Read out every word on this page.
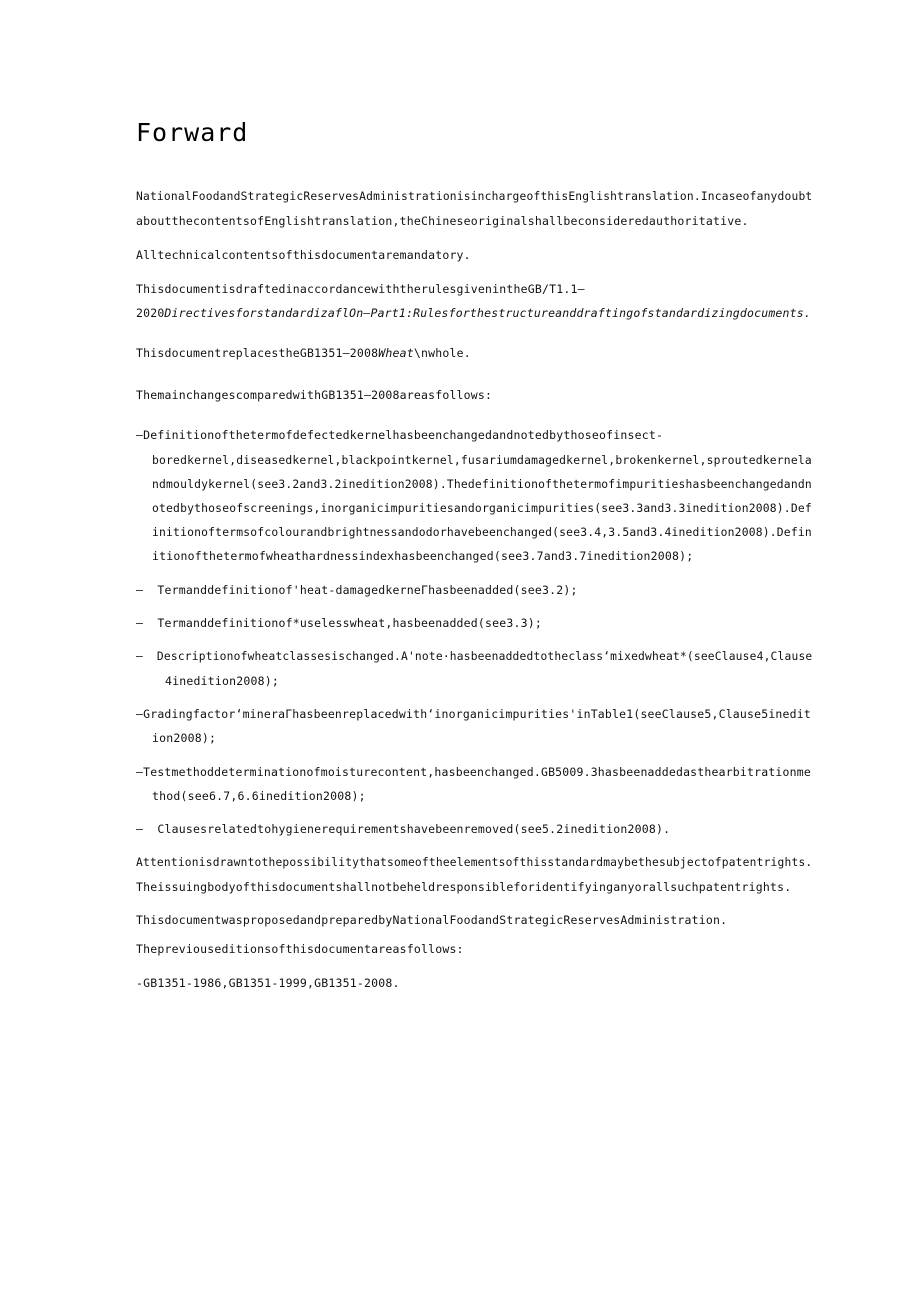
Forward
NationalFoodandStrategicReservesAdministrationisinchargeofthisEnglishtranslation.Incaseofanydoubt
aboutthecontentsofEnglishtranslation,theChineseoriginalshallbeconsideredauthoritative.
Alltechnicalcontentsofthisdocumentaremandatory.
ThisdocumentisdraftedinaccordancewiththerulesgivenintheGB/T1.1—
2020DirectivesforstandardizaflOn—Part1:Rulesforthestructureanddraftingofstandardizingdocuments.
ThisdocumentreplacestheGB1351—2008Wheat\nwhole.
ThemainchangescomparedwithGB1351—2008areasfollows:
—Definitionofthetermofdefectedkernelhasbeenchangedandnotedbythoseofinsect-
boredkernel,diseasedkernel,blackpointkernel,fusariumdamagedkernel,brokenkernel,sproutedkernela
ndmouldykernel(see3.2and3.2inedition2008).Thedefinitionofthetermofimpuritieshasbeenchangedandn
otedbythoseofscreenings,inorganicimpuritiesandorganicimpurities(see3.3and3.3inedition2008).Def
initionoftermsofcolourandbrightnessandodorhavebeenchanged(see3.4,3.5and3.4inedition2008).Defin
itionofthetermofwheathardnessindexhasbeenchanged(see3.7and3.7inedition2008);
—  Termanddefinitionof'heat-damagedkerneΓhasbeenadded(see3.2);
—  Termanddefinitionof*uselesswheat,hasbeenadded(see3.3);
—  Descriptionofwheatclassesischanged.A'note·hasbeenaddedtotheclass‘mixedwheat*(seeClause4,Clause
4inedition2008);
—Gradingfactor‘mineraΓhasbeenreplacedwith‘inorganicimpurities'inTable1(seeClause5,Clause5inedit
ion2008);
—Testmethoddeterminationofmoisturecontent,hasbeenchanged.GB5009.3hasbeenaddedasthearbitrationme
thod(see6.7,6.6inedition2008);
—  Clausesrelatedtohygienerequirementshavebeenremoved(see5.2inedition2008).
Attentionisdrawntothepossibilitythatsomeoftheelementsofthisstandardmaybethesubjectofpatentrights.
Theissuingbodyofthisdocumentshallnotbeheldresponsibleforidentifyinganyorallsuchpatentrights.
ThisdocumentwasproposedandpreparedbyNationalFoodandStrategicReservesAdministration.
Thepreviouseditionsofthisdocumentareasfollows:
-GB1351-1986,GB1351-1999,GB1351-2008.
